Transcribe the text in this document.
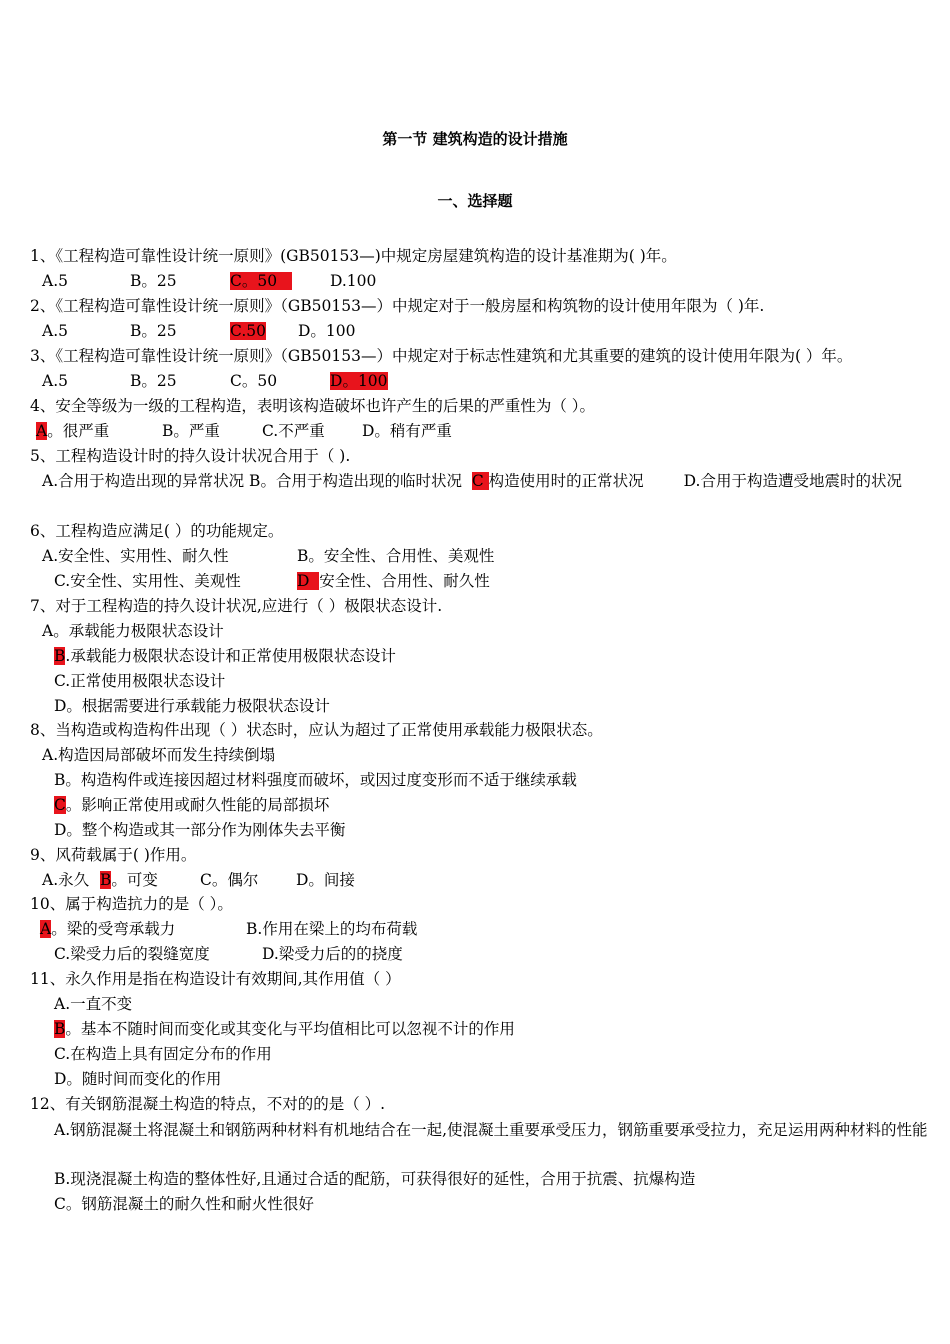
第一节 建筑构造的设计措施
一、选择题
1、《工程构造可靠性设计统一原则》(GB50153—)中规定房屋建筑构造的设计基准期为( )年。
A.5	B。25	C。50	D.100
2、《工程构造可靠性设计统一原则》（GB50153—）中规定对于一般房屋和构筑物的设计使用年限为（ )年.
A.5	B。25	C.50 D。100
3、《工程构造可靠性设计统一原则》（GB50153—）中规定对于标志性建筑和尤其重要的建筑的设计使用年限为( ）年。
A.5	B。25	C。50	D。100
4、安全等级为一级的工程构造，表明该构造破坏也许产生的后果的严重性为（ ）。
A。很严重	B。严重	C.不严重 D。稍有严重
5、工程构造设计时的持久设计状况合用于（ ).
A.合用于构造出现的异常状况 B。合用于构造出现的临时状况 C 构造使用时的正常状况	D.合用于构造遭受地震时的状况
6、工程构造应满足( ）的功能规定。
A.安全性、实用性、耐久性	B。安全性、合用性、美观性
C.安全性、实用性、美观性	D 安全性、合用性、耐久性
7、对于工程构造的持久设计状况,应进行（ ）极限状态设计.
A。承载能力极限状态设计
B.承载能力极限状态设计和正常使用极限状态设计
C.正常使用极限状态设计
D。根据需要进行承载能力极限状态设计
8、当构造或构造构件出现（ ）状态时，应认为超过了正常使用承载能力极限状态。
A.构造因局部破坏而发生持续倒塌
B。构造构件或连接因超过材料强度而破坏，或因过度变形而不适于继续承载
C。影响正常使用或耐久性能的局部损坏
D。整个构造或其一部分作为刚体失去平衡
9、风荷载属于( )作用。
A.永久 B。可变	C。偶尔 D。间接
10、属于构造抗力的是（ ）。
A。梁的受弯承载力	B.作用在梁上的均布荷载
C.梁受力后的裂缝宽度	D.梁受力后的的挠度
11、永久作用是指在构造设计有效期间,其作用值（ ）
A.一直不变
B。基本不随时间而变化或其变化与平均值相比可以忽视不计的作用
C.在构造上具有固定分布的作用
D。随时间而变化的作用
12、有关钢筋混凝土构造的特点，不对的的是（ ）.
A.钢筋混凝土将混凝土和钢筋两种材料有机地结合在一起,使混凝土重要承受压力，钢筋重要承受拉力，充足运用两种材料的性能
B.现浇混凝土构造的整体性好,且通过合适的配筋，可获得很好的延性，合用于抗震、抗爆构造
C。钢筋混凝土的耐久性和耐火性很好
